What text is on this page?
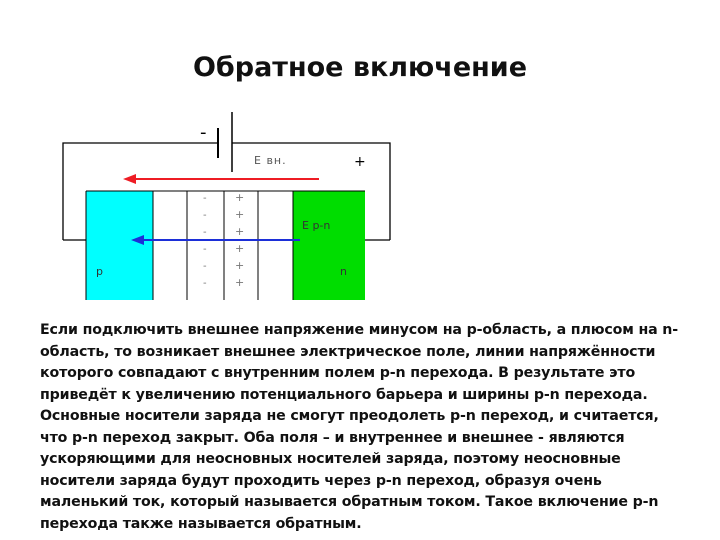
Обратное включение
-
+
Е вн.
-
-
-
-
-
-
+
+
+
+
+
+
Е р-n
p	n
Если подключить внешнее напряжение минусом на p-область, а плюсом на n-область, то возникает внешнее электрическое поле, линии напряжённости которого совпадают с внутренним полем p-n перехода. В результате это приведёт к увеличению потенциального барьера и ширины p-n перехода. Основные носители заряда не смогут преодолеть p-n переход, и считается, что p-n переход закрыт. Оба поля – и внутреннее и внешнее - являются ускоряющими для неосновных носителей заряда, поэтому неосновные носители заряда будут проходить через p-n переход, образуя очень маленький ток, который называется обратным током. Такое включение p-n перехода также называется обратным.
